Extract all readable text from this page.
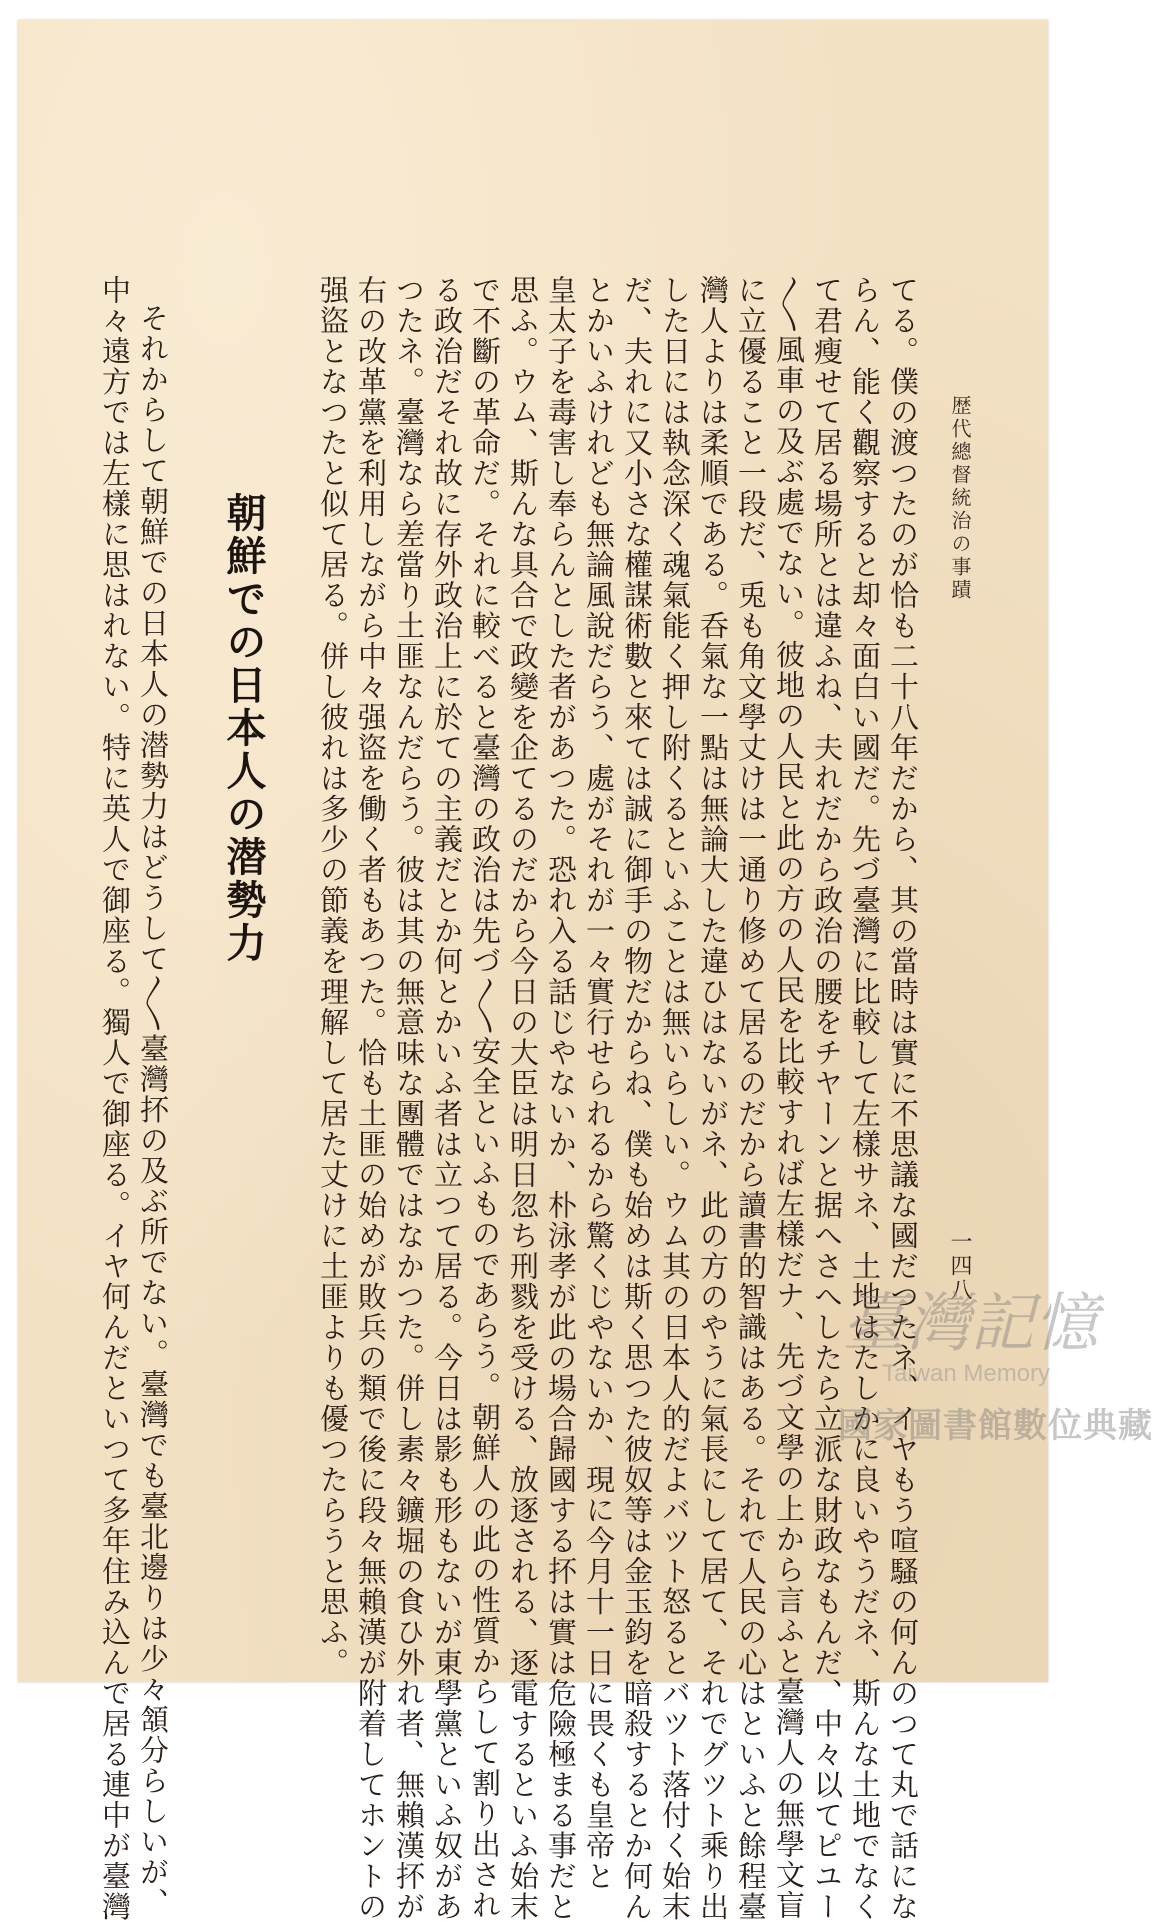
歴代總督統治の事蹟
一四八
てる。僕の渡つたのが恰も二十八年だから、其の當時は實に不思議な國だつたネ、イヤもう喧騷の何んのつて丸で話にな
らん、能く觀察すると却々面白い國だ。先づ臺灣に比較して左樣サネ、土地はたしかに良いやうだネ、斯んな土地でなく
て君瘦せて居る場所とは違ふね、夫れだから政治の腰をチヤーンと据へさへしたら立派な財政なもんだ、中々以てピユー
〳〵風車の及ぶ處でない。彼地の人民と此の方の人民を比較すれば左樣だナ、先づ文學の上から言ふと臺灣人の無學文盲
に立優ること一段だ、兎も角文學丈けは一通り修めて居るのだから讀書的智識はある。それで人民の心はといふと餘程臺
灣人よりは柔順である。呑氣な一點は無論大した違ひはないがネ、此の方のやうに氣長にして居て、それでグツト乘り出
した日には執念深く魂氣能く押し附くるといふことは無いらしい。ウム其の日本人的だよバツト怒るとバツト落付く始末
だ、夫れに又小さな權謀術數と來ては誠に御手の物だからね、僕も始めは斯く思つた彼奴等は金玉鈞を暗殺するとか何ん
とかいふけれども無論風說だらう、處がそれが一々實行せられるから驚くじやないか、現に今月十一日に畏くも皇帝と
皇太子を毒害し奉らんとした者があつた。恐れ入る話じやないか、朴泳孝が此の場合歸國する抔は實は危險極まる事だと
思ふ。ウム、斯んな具合で政變を企てるのだから今日の大臣は明日忽ち刑戮を受ける、放逐される、逐電するといふ始末
で不斷の革命だ。それに較べると臺灣の政治は先づ〳〵安全といふものであらう。朝鮮人の此の性質からして割り出され
る政治だそれ故に存外政治上に於ての主義だとか何とかいふ者は立つて居る。今日は影も形もないが東學黨といふ奴があ
つたネ。臺灣なら差當り土匪なんだらう。彼は其の無意味な團體ではなかつた。併し素々鑛堀の食ひ外れ者、無賴漢抔が
右の改革黨を利用しながら中々强盜を働く者もあつた。恰も土匪の始めが敗兵の類で後に段々無賴漢が附着してホントの
强盜となつたと似て居る。併し彼れは多少の節義を理解して居た丈けに土匪よりも優つたらうと思ふ。
朝鮮での日本人の潜勢力
それからして朝鮮での日本人の潜勢力はどうして〳〵臺灣抔の及ぶ所でない。臺灣でも臺北邊りは少々頷分らしいが、
中々遠方では左樣に思はれない。特に英人で御座る。獨人で御座る。イヤ何んだといつて多年住み込んで居る連中が臺灣	臺灣記憶
Taiwan Memory
國家圖書館數位典藏
